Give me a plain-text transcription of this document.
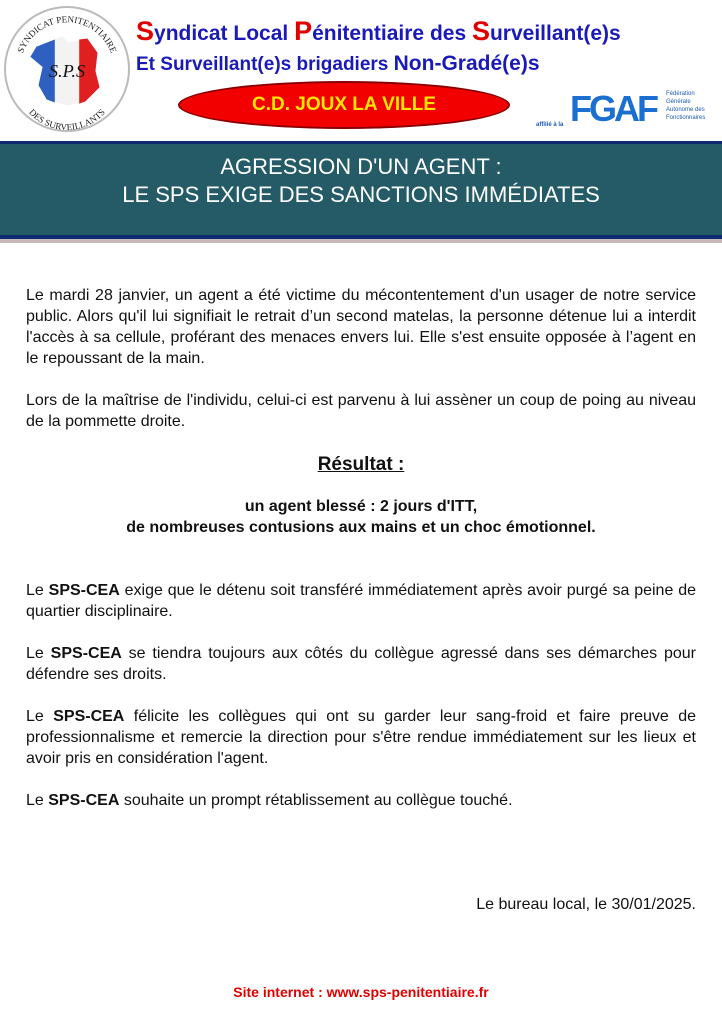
S.P.S
SYNDICAT PENITENTIAIRE
DES SURVEILLANTS
Syndicat Local Pénitentiaire des Surveillant(e)s
Et Surveillant(e)s brigadiers Non-Gradé(e)s
C.D. JOUX LA VILLE
affilié à la FGAF Fédération
Générale
Autonome des
Fonctionnaires
AGRESSION D'UN AGENT :
LE SPS EXIGE DES SANCTIONS IMMÉDIATES

Le mardi 28 janvier, un agent a été victime du mécontentement d'un usager de notre service public. Alors qu'il lui signifiait le retrait d’un second matelas, la personne détenue lui a interdit l'accès à sa cellule, proférant des menaces envers lui. Elle s'est ensuite opposée à l’agent en le repoussant de la main.

Lors de la maîtrise de l'individu, celui-ci est parvenu à lui assèner un coup de poing au niveau de la pommette droite.

Résultat :
un agent blessé : 2 jours d'ITT,
de nombreuses contusions aux mains et un choc émotionnel.

Le SPS-CEA exige que le détenu soit transféré immédiatement après avoir purgé sa peine de quartier disciplinaire.

Le SPS-CEA se tiendra toujours aux côtés du collègue agressé dans ses démarches pour défendre ses droits.

Le SPS-CEA félicite les collègues qui ont su garder leur sang-froid et faire preuve de professionnalisme et remercie la direction pour s'être rendue immédiatement sur les lieux et avoir pris en considération l'agent.

Le SPS-CEA souhaite un prompt rétablissement au collègue touché.

Le bureau local, le 30/01/2025.
Site internet : www.sps-penitentiaire.fr
